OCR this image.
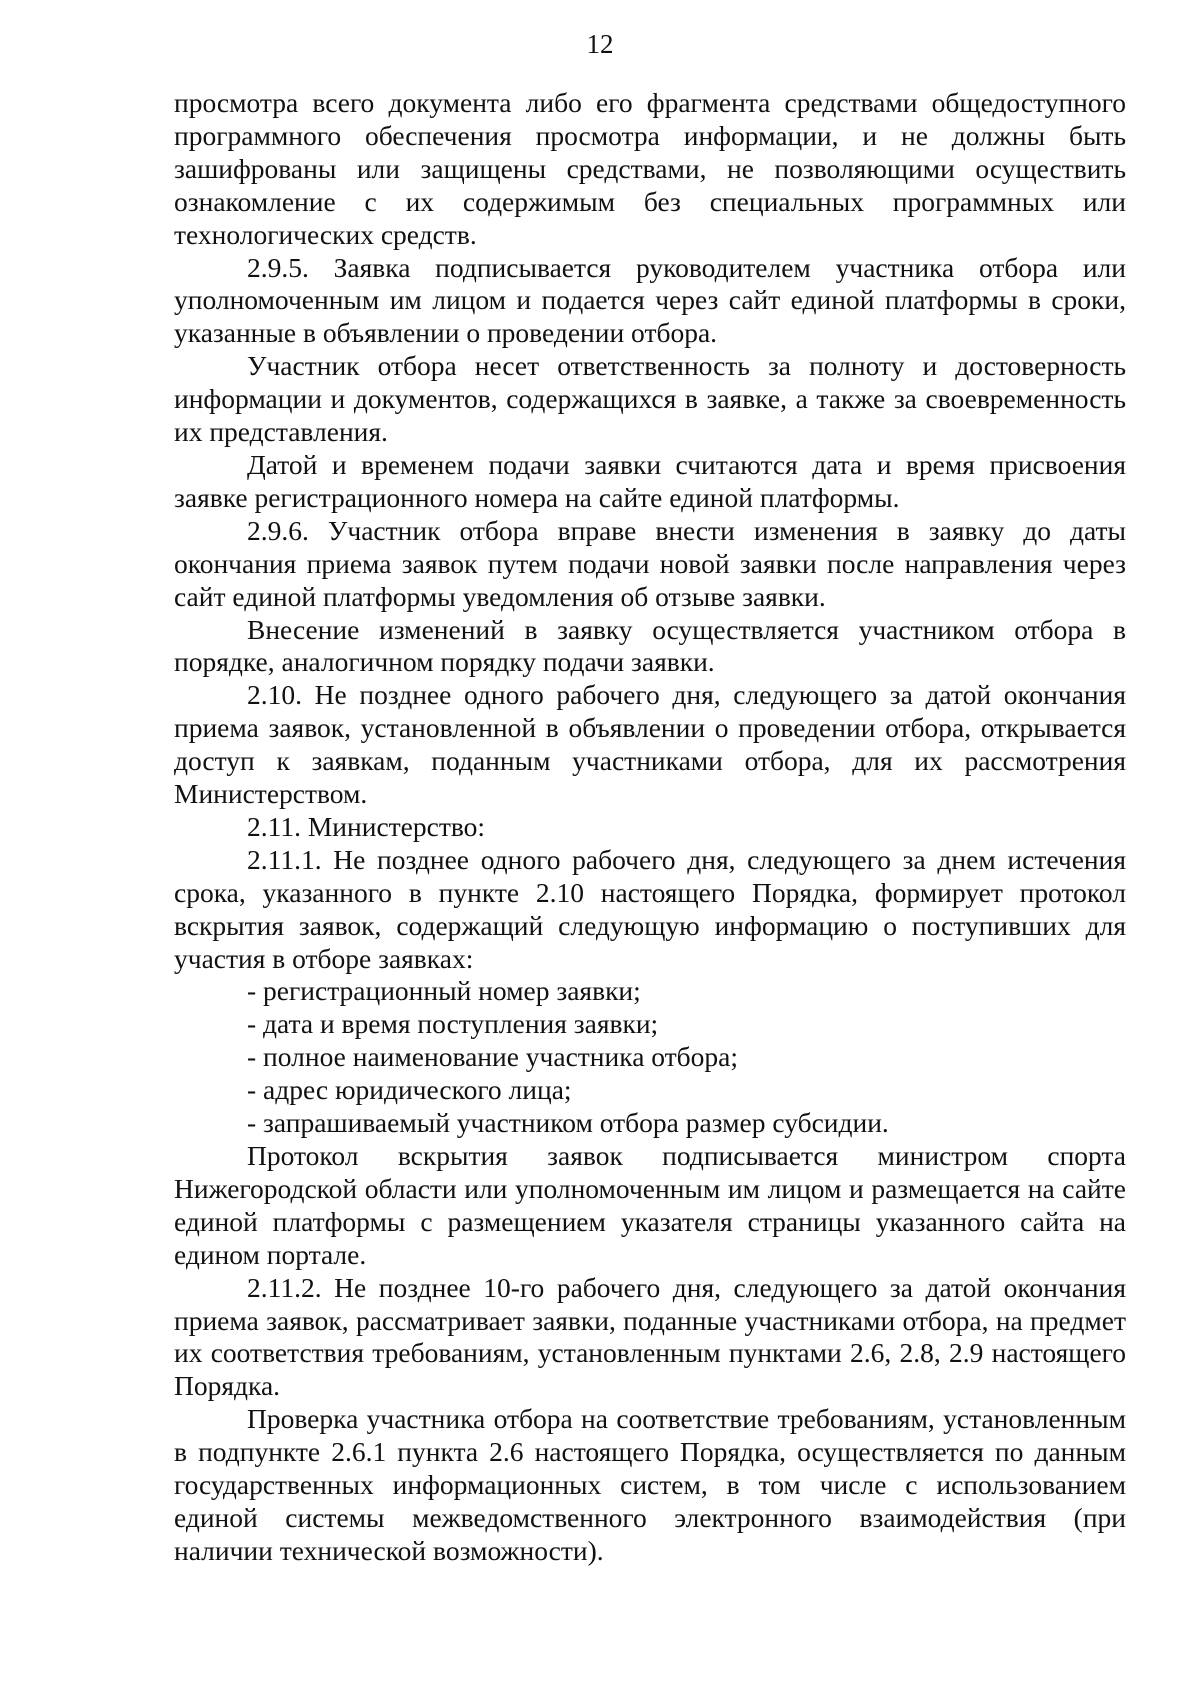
12

просмотра всего документа либо его фрагмента средствами общедоступного программного обеспечения просмотра информации, и не должны быть зашифрованы или защищены средствами, не позволяющими осуществить ознакомление с их содержимым без специальных программных или технологических средств.

2.9.5. Заявка подписывается руководителем участника отбора или уполномоченным им лицом и подается через сайт единой платформы в сроки, указанные в объявлении о проведении отбора.

Участник отбора несет ответственность за полноту и достоверность информации и документов, содержащихся в заявке, а также за своевременность их представления.

Датой и временем подачи заявки считаются дата и время присвоения заявке регистрационного номера на сайте единой платформы.

2.9.6. Участник отбора вправе внести изменения в заявку до даты окончания приема заявок путем подачи новой заявки после направления через сайт единой платформы уведомления об отзыве заявки.

Внесение изменений в заявку осуществляется участником отбора в порядке, аналогичном порядку подачи заявки.

2.10. Не позднее одного рабочего дня, следующего за датой окончания приема заявок, установленной в объявлении о проведении отбора, открывается доступ к заявкам, поданным участниками отбора, для их рассмотрения Министерством.

2.11. Министерство:

2.11.1. Не позднее одного рабочего дня, следующего за днем истечения срока, указанного в пункте 2.10 настоящего Порядка, формирует протокол вскрытия заявок, содержащий следующую информацию о поступивших для участия в отборе заявках:

- регистрационный номер заявки;

- дата и время поступления заявки;

- полное наименование участника отбора;

- адрес юридического лица;

- запрашиваемый участником отбора размер субсидии.

Протокол вскрытия заявок подписывается министром спорта Нижегородской области или уполномоченным им лицом и размещается на сайте единой платформы с размещением указателя страницы указанного сайта на едином портале.

2.11.2. Не позднее 10-го рабочего дня, следующего за датой окончания приема заявок, рассматривает заявки, поданные участниками отбора, на предмет их соответствия требованиям, установленным пунктами 2.6, 2.8, 2.9 настоящего Порядка.

Проверка участника отбора на соответствие требованиям, установленным в подпункте 2.6.1 пункта 2.6 настоящего Порядка, осуществляется по данным государственных информационных систем, в том числе с использованием единой системы межведомственного электронного взаимодействия (при наличии технической возможности).
